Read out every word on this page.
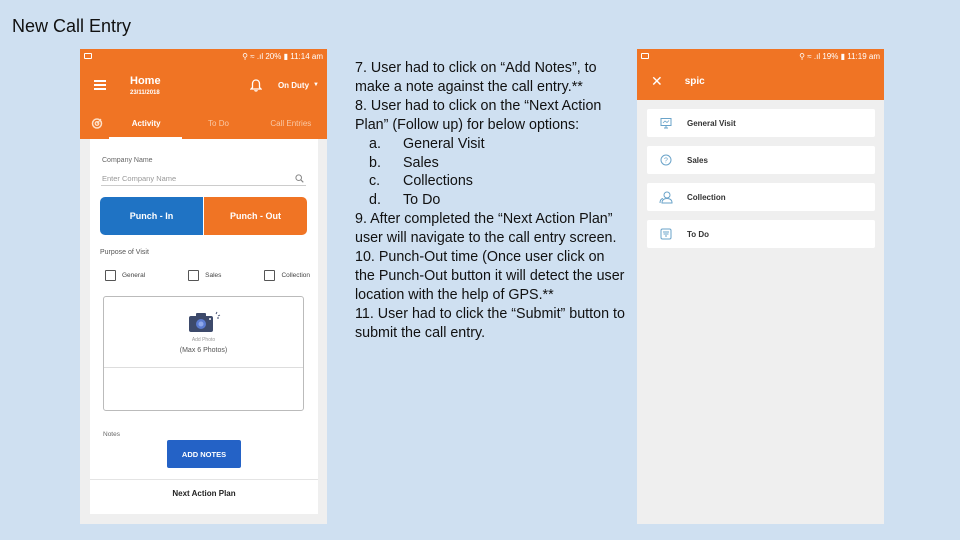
New Call Entry
⚲ ≈ .ıl 20% ▮ 11:14 am
Home
23/11/2018
On Duty ▼
Activity	To Do	Call Entries
Company Name
Enter Company Name
Punch - In	Punch - Out
Purpose of Visit
General	Sales	Collection
Add Photo
(Max 6 Photos)
Notes
ADD NOTES
Next Action Plan
7. User had to click on “Add Notes”, to make a note against the call entry.**
8. User had to click on the “Next Action Plan” (Follow up) for below options:
a.	General Visit
b.	Sales
c.	Collections
d.	To Do
9. After completed the “Next Action Plan” user will navigate to the call entry screen.
10. Punch-Out time (Once user click on the Punch-Out button it will detect the user location with the help of GPS.**
11. User had to click the “Submit” button to submit the call entry.
⚲ ≈ .ıl 19% ▮ 11:19 am
✕ spic
General Visit
? Sales
Collection
To Do
